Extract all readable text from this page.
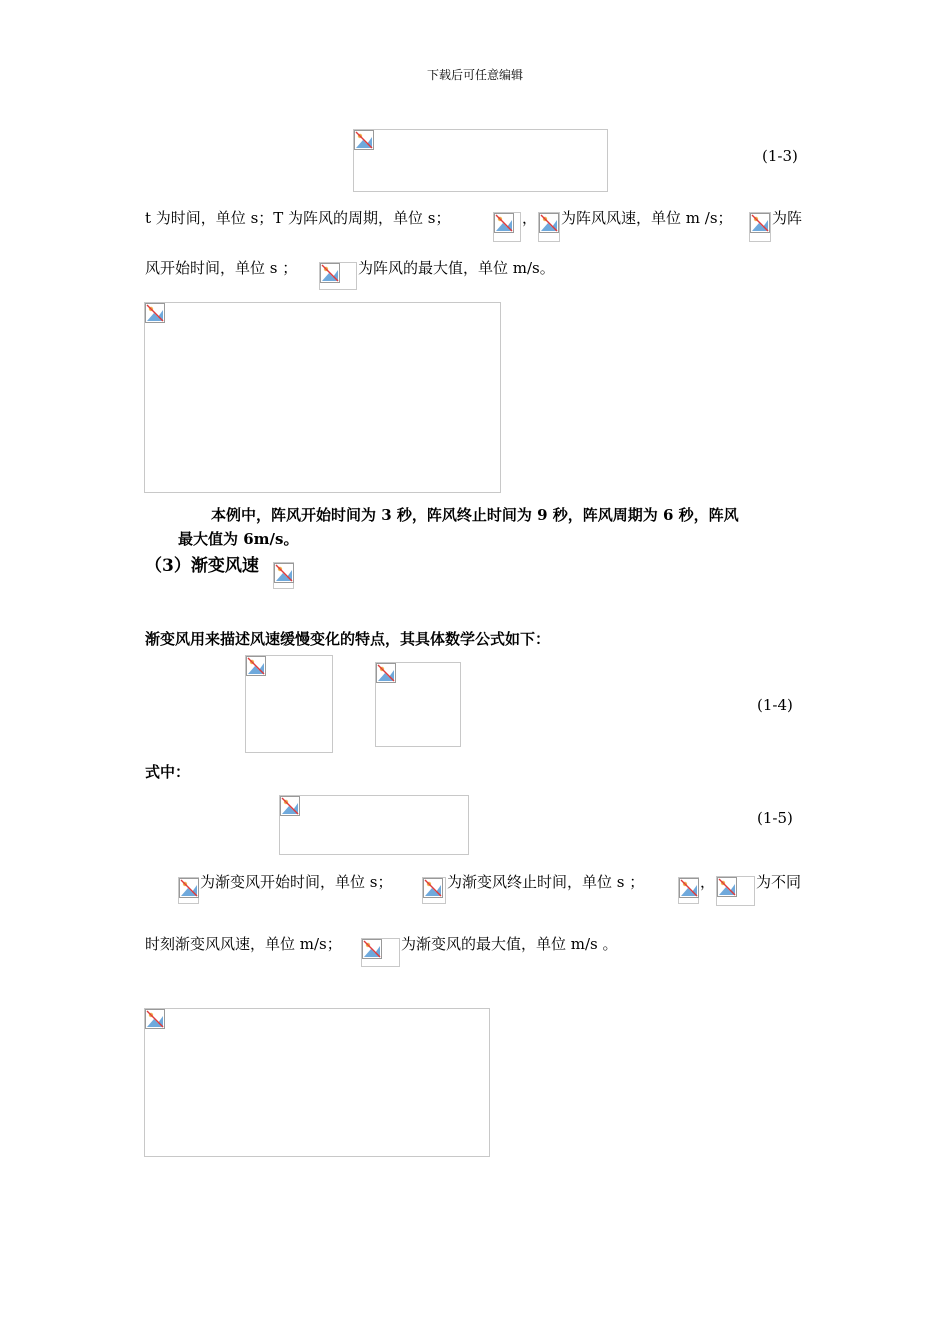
下载后可任意编辑
(1-3)
t 为时间，单位 s；T 为阵风的周期，单位 s；	， 为阵风风速，单位 m /s；	为阵
风开始时间，单位 s ；	为阵风的最大值，单位 m/s。
本例中，阵风开始时间为 3 秒，阵风终止时间为 9 秒，阵风周期为 6 秒，阵风
最大值为 6m/s。
（3）渐变风速
渐变风用来描述风速缓慢变化的特点，其具体数学公式如下：
(1-4)
式中：
(1-5)
为渐变风开始时间，单位 s；	为渐变风终止时间，单位 s ；	，	为不同
时刻渐变风风速，单位 m/s；	为渐变风的最大值，单位 m/s 。
